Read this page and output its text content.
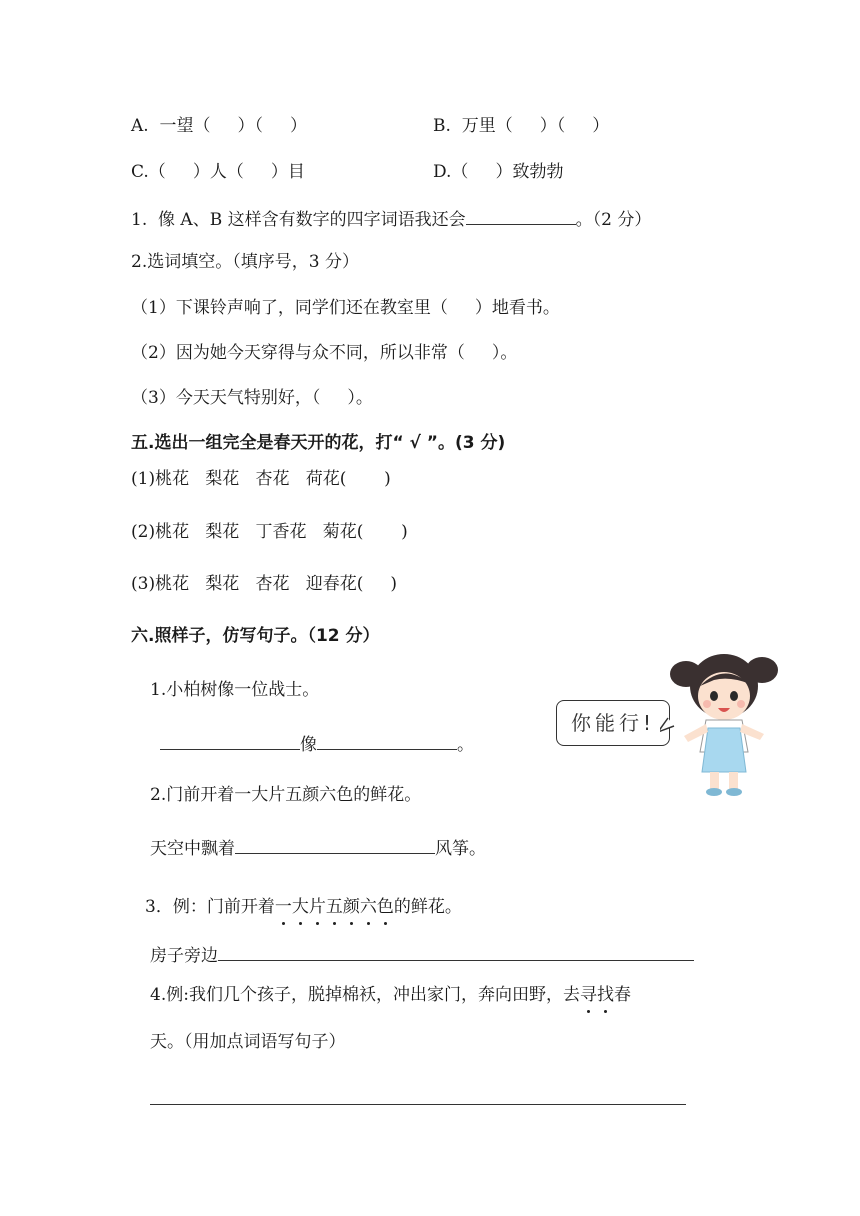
A.  一望（     ）（     ）	B.  万里（     ）（     ）
C.（     ）人（     ）目	D.（     ）致勃勃
1.  像 A、B 这样含有数字的四字词语我还会	。（2 分）
2.选词填空。（填序号，3 分）
（1）下课铃声响了，同学们还在教室里（     ）地看书。
（2）因为她今天穿得与众不同，所以非常（     ）。
（3）今天天气特别好，（     ）。
五.选出一组完全是春天开的花，打“ √ ”。(3 分)
(1)桃花   梨花   杏花   荷花(       )
(2)桃花   梨花   丁香花   菊花(       )
(3)桃花   梨花   杏花   迎春花(     )
六.照样子，仿写句子。（12 分）
1.小柏树像一位战士。
像	。
2.门前开着一大片五颜六色的鲜花。
天空中飘着	风筝。
3．例：门前开着一大片五颜六色的鲜花。
房子旁边
4.例:我们几个孩子，脱掉棉袄，冲出家门，奔向田野，去寻找春
天。（用加点词语写句子）
你能行!
